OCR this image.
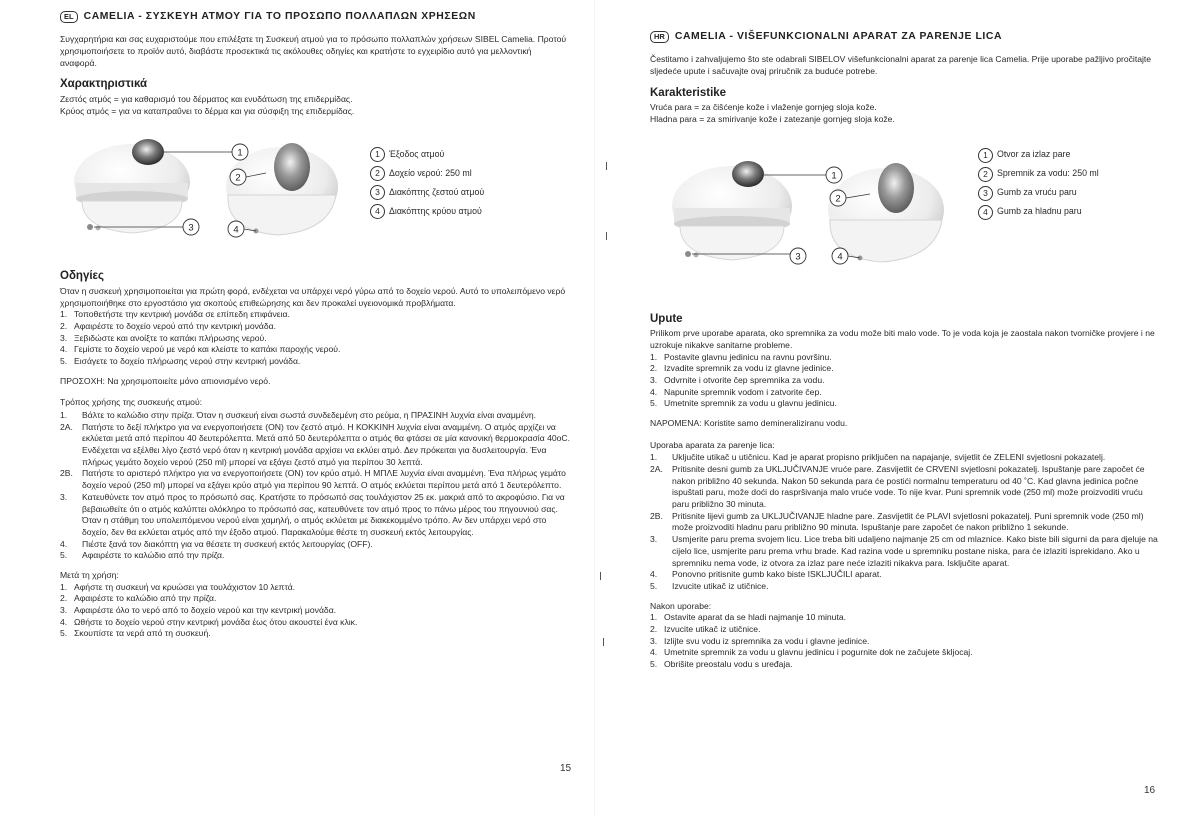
EL CAMELIA - ΣΥΣΚΕΥΗ ΑΤΜΟΥ ΓΙΑ ΤΟ ΠΡΟΣΩΠΟ ΠΟΛΛΑΠΛΩΝ ΧΡΗΣΕΩΝ

Συγχαρητήρια και σας ευχαριστούμε που επιλέξατε τη Συσκευή ατμού για το πρόσωπο πολλαπλών χρήσεων SIBEL Camelia. Προτού χρησιμοποιήσετε το προϊόν αυτό, διαβάστε προσεκτικά τις ακόλουθες οδηγίες και κρατήστε το εγχειρίδιο αυτό για μελλοντική αναφορά.

Χαρακτηριστικά

Ζεστός ατμός = για καθαρισμό του δέρματος και ενυδάτωση της επιδερμίδας.

Κρύος ατμός = για να καταπραΰνει το δέρμα και για σύσφιξη της επιδερμίδας.

1
2
3	4
1	Έξοδος ατμού
2	Δοχείο νερού: 250 ml
3	Διακόπτης ζεστού ατμού
4	Διακόπτης κρύου ατμού
Οδηγίες

Όταν η συσκευή χρησιμοποιείται για πρώτη φορά, ενδέχεται να υπάρχει νερό γύρω από το δοχείο νερού. Αυτό το υπολειπόμενο νερό χρησιμοποιήθηκε στο εργοστάσιο για σκοπούς επιθεώρησης και δεν προκαλεί υγειονομικά προβλήματα.

1. Τοποθετήστε την κεντρική μονάδα σε επίπεδη επιφάνεια.
2. Αφαιρέστε το δοχείο νερού από την κεντρική μονάδα.
3. Ξεβιδώστε και ανοίξτε το καπάκι πλήρωσης νερού.
4. Γεμίστε το δοχείο νερού με νερό και κλείστε το καπάκι παροχής νερού.
5. Εισάγετε το δοχείο πλήρωσης νερού στην κεντρική μονάδα.

ΠΡΟΣΟΧΗ: Να χρησιμοποιείτε μόνο απιονισμένο νερό.

Τρόπος χρήσης της συσκευής ατμού:

1.	Βάλτε το καλώδιο στην πρίζα. Όταν η συσκευή είναι σωστά συνδεδεμένη στο ρεύμα, η ΠΡΑΣΙΝΗ λυχνία είναι αναμμένη.
2A.	Πατήστε το δεξί πλήκτρο για να ενεργοποιήσετε (ON) τον ζεστό ατμό. Η ΚΟΚΚΙΝΗ λυχνία είναι αναμμένη. Ο ατμός αρχίζει να εκλύεται μετά από περίπου 40 δευτερόλεπτα. Μετά από 50 δευτερόλεπτα ο ατμός θα φτάσει σε μία κανονική θερμοκρασία 40oC. Ενδέχεται να εξέλθει λίγο ζεστό νερό όταν η κεντρική μονάδα αρχίσει να εκλύει ατμό. Δεν πρόκειται για δυσλειτουργία. Ένα πλήρως γεμάτο δοχείο νερού (250 ml) μπορεί να εξάγει ζεστό ατμό για περίπου 30 λεπτά.
2B.	Πατήστε το αριστερό πλήκτρο για να ενεργοποιήσετε (ON) τον κρύο ατμό. Η ΜΠΛΕ λυχνία είναι αναμμένη. Ένα πλήρως γεμάτο δοχείο νερού (250 ml) μπορεί να εξάγει κρύο ατμό για περίπου 90 λεπτά. Ο ατμός εκλύεται περίπου μετά από 1 δευτερόλεπτο.
3.	Κατευθύνετε τον ατμό προς το πρόσωπό σας. Κρατήστε το πρόσωπό σας τουλάχιστον 25 εκ. μακριά από το ακροφύσιο. Για να βεβαιωθείτε ότι ο ατμός καλύπτει ολόκληρο το πρόσωπό σας, κατευθύνετε τον ατμό προς το πάνω μέρος του πηγουνιού σας. Όταν η στάθμη του υπολειπόμενου νερού είναι χαμηλή, ο ατμός εκλύεται με διακεκομμένο τρόπο. Αν δεν υπάρχει νερό στο δοχείο, δεν θα εκλύεται ατμός από την έξοδο ατμού. Παρακαλούμε θέστε τη συσκευή εκτός λειτουργίας.
4.	Πιέστε ξανά τον διακόπτη για να θέσετε τη συσκευή εκτός λειτουργίας (OFF).
5.	Αφαιρέστε το καλώδιο από την πρίζα.

Μετά τη χρήση:

1. Αφήστε τη συσκευή να κρυώσει για τουλάχιστον 10 λεπτά.
2. Αφαιρέστε το καλώδιο από την πρίζα.
3. Αφαιρέστε όλο το νερό από το δοχείο νερού και την κεντρική μονάδα.
4. Ωθήστε το δοχείο νερού στην κεντρική μονάδα έως ότου ακουστεί ένα κλικ.
5. Σκουπίστε τα νερά από τη συσκευή.
15
HR CAMELIA - VIŠEFUNKCIONALNI APARAT ZA PARENJE LICA

Čestitamo i zahvaljujemo što ste odabrali SIBELOV višefunkcionalni aparat za parenje lica Camelia. Prije uporabe pažljivo pročitajte sljedeće upute i sačuvajte ovaj priručnik za buduće potrebe.

Karakteristike

Vruća para = za čišćenje kože i vlaženje gornjeg sloja kože.

Hladna para = za smirivanje kože i zatezanje gornjeg sloja kože.

1
2
3	4
1	Otvor za izlaz pare
2	Spremnik za vodu: 250 ml
3	Gumb za vruću paru
4	Gumb za hladnu paru
Upute

Prilikom prve uporabe aparata, oko spremnika za vodu može biti malo vode. To je voda koja je zaostala nakon tvorničke provjere i ne uzrokuje nikakve sanitarne probleme.

1. Postavite glavnu jedinicu na ravnu površinu.
2. Izvadite spremnik za vodu iz glavne jedinice.
3. Odvrnite i otvorite čep spremnika za vodu.
4. Napunite spremnik vodom i zatvorite čep.
5. Umetnite spremnik za vodu u glavnu jedinicu.

NAPOMENA: Koristite samo demineraliziranu vodu.

Uporaba aparata za parenje lica:

1.	Uključite utikač u utičnicu. Kad je aparat propisno priključen na napajanje, svijetlit će ZELENI svjetlosni pokazatelj.
2A.	Pritisnite desni gumb za UKLJUČIVANJE vruće pare. Zasvijetlit će CRVENI svjetlosni pokazatelj. Ispuštanje pare započet će nakon približno 40 sekunda. Nakon 50 sekunda para će postići normalnu temperaturu od 40 ˚C. Kad glavna jedinica počne ispuštati paru, može doći do raspršivanja malo vruće vode. To nije kvar. Puni spremnik vode (250 ml) može proizvoditi vruću paru približno 30 minuta.
2B.	Pritisnite lijevi gumb za UKLJUČIVANJE hladne pare. Zasvijetlit će PLAVI svjetlosni pokazatelj. Puni spremnik vode (250 ml) može proizvoditi hladnu paru približno 90 minuta. Ispuštanje pare započet će nakon približno 1 sekunde.
3.	Usmjerite paru prema svojem licu. Lice treba biti udaljeno najmanje 25 cm od mlaznice. Kako biste bili sigurni da para djeluje na cijelo lice, usmjerite paru prema vrhu brade. Kad razina vode u spremniku postane niska, para će izlaziti isprekidano. Ako u spremniku nema vode, iz otvora za izlaz pare neće izlaziti nikakva para. Isključite aparat.
4.	Ponovno pritisnite gumb kako biste ISKLJUČILI aparat.
5.	Izvucite utikač iz utičnice.

Nakon uporabe:

1. Ostavite aparat da se hladi najmanje 10 minuta.
2. Izvucite utikač iz utičnice.
3. Izlijte svu vodu iz spremnika za vodu i glavne jedinice.
4. Umetnite spremnik za vodu u glavnu jedinicu i pogurnite dok ne začujete škljocaj.
5. Obrišite preostalu vodu s uređaja.
16
